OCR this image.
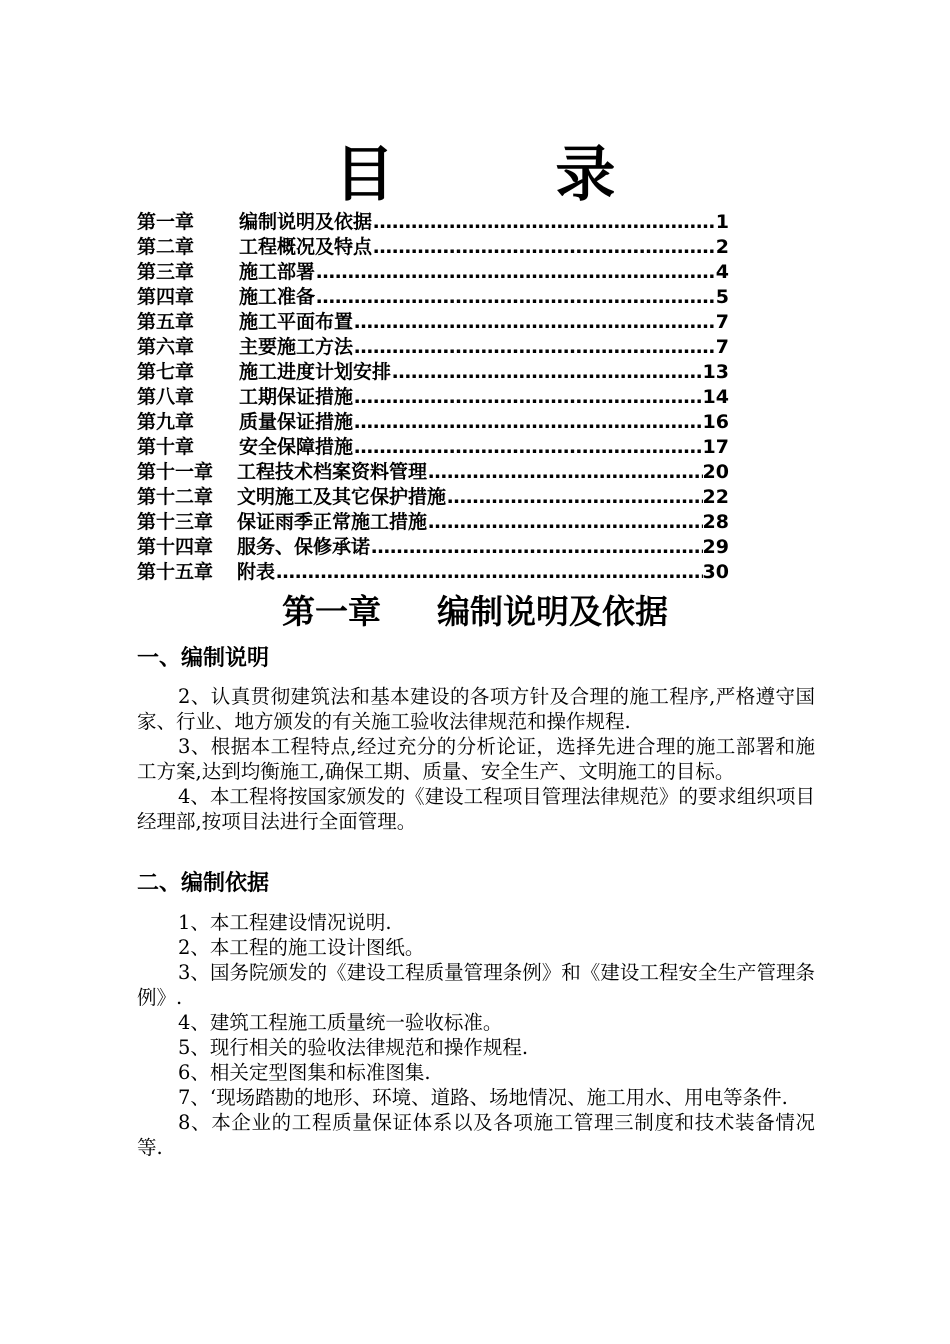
目 录
第一章	编制说明及依据 ……………………………………………………………………………………………………………………………	1
第二章	工程概况及特点 ……………………………………………………………………………………………………………………………	2
第三章	施工部署 ……………………………………………………………………………………………………………………………	4
第四章	施工准备 ……………………………………………………………………………………………………………………………	5
第五章	施工平面布置 ……………………………………………………………………………………………………………………………	7
第六章	主要施工方法 ……………………………………………………………………………………………………………………………	7
第七章	施工进度计划安排 ……………………………………………………………………………………………………………………………	13
第八章	工期保证措施 ……………………………………………………………………………………………………………………………	14
第九章	质量保证措施 ……………………………………………………………………………………………………………………………	16
第十章	安全保障措施 ……………………………………………………………………………………………………………………………	17
第十一章	工程技术档案资料管理 ……………………………………………………………………………………………………………………………	20
第十二章	文明施工及其它保护措施 ……………………………………………………………………………………………………………………………	22
第十三章	保证雨季正常施工措施 ……………………………………………………………………………………………………………………………	28
第十四章	服务、保修承诺 ……………………………………………………………………………………………………………………………	29
第十五章	附表 ……………………………………………………………………………………………………………………………	30
第一章 编制说明及依据
一、编制说明

2、认真贯彻建筑法和基本建设的各项方针及合理的施工程序,严格遵守国家、行业、地方颁发的有关施工验收法律规范和操作规程.

3、根据本工程特点,经过充分的分析论证，选择先进合理的施工部署和施工方案,达到均衡施工,确保工期、质量、安全生产、文明施工的目标。

4、本工程将按国家颁发的《建设工程项目管理法律规范》的要求组织项目经理部,按项目法进行全面管理。

二、编制依据

1、本工程建设情况说明.

2、本工程的施工设计图纸。

3、国务院颁发的《建设工程质量管理条例》和《建设工程安全生产管理条例》.

4、建筑工程施工质量统一验收标准。

5、现行相关的验收法律规范和操作规程.

6、相关定型图集和标准图集.

7、‘现场踏勘的地形、环境、道路、场地情况、施工用水、用电等条件.

8、本企业的工程质量保证体系以及各项施工管理三制度和技术装备情况等.
